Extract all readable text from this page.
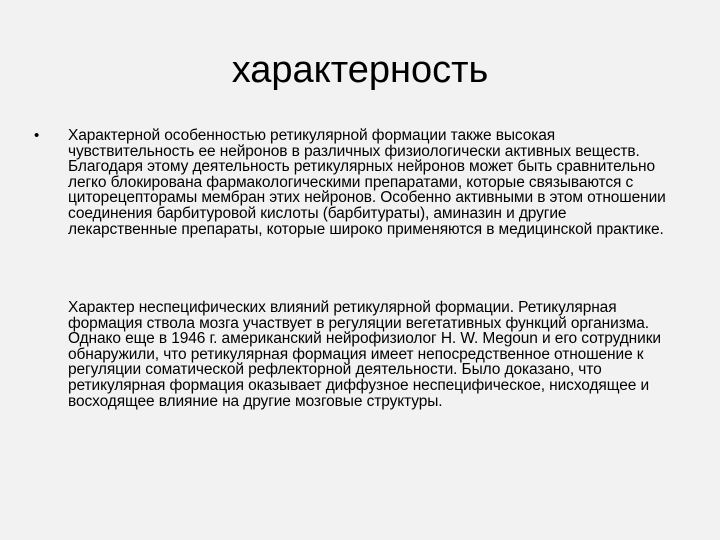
характерность
• Характерной особенностью ретикулярной формации также высокая чувствительность ее нейронов в различных физиологически активных веществ. Благодаря этому деятельность ретикулярных нейронов может быть сравнительно легко блокирована фармакологическими препаратами, которые связываются с циторецепторамы мембран этих нейронов. Особенно активными в этом отношении соединения барбитуровой кислоты (барбитураты), аминазин и другие лекарственные препараты, которые широко применяются в медицинской практике.

Характер неспецифических влияний ретикулярной формации. Ретикулярная формация ствола мозга участвует в регуляции вегетативных функций организма. Однако еще в 1946 г. американский нейрофизиолог Н. W. Megoun и его сотрудники обнаружили, что ретикулярная формация имеет непосредственное отношение к регуляции соматической рефлекторной деятельности. Было доказано, что ретикулярная формация оказывает диффузное неспецифическое, нисходящее и восходящее влияние на другие мозговые структуры.
